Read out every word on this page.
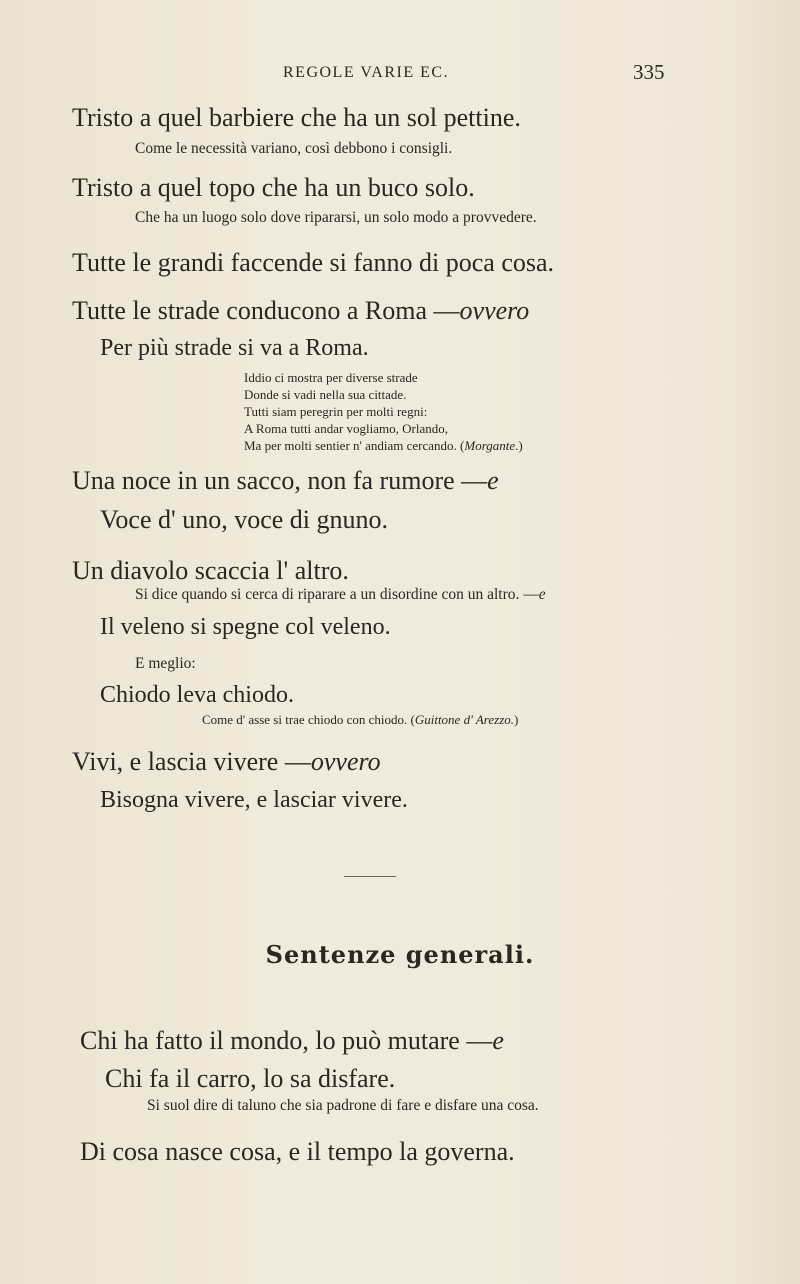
REGOLE VARIE EC.	335
Tristo a quel barbiere che ha un sol pettine.
Come le necessità variano, così debbono i consigli.
Tristo a quel topo che ha un buco solo.
Che ha un luogo solo dove ripararsi, un solo modo a provvedere.
Tutte le grandi faccende si fanno di poca cosa.
Tutte le strade conducono a Roma —ovvero
Per più strade si va a Roma.
Iddio ci mostra per diverse strade
Donde si vadi nella sua cittade.
Tutti siam peregrin per molti regni:
A Roma tutti andar vogliamo, Orlando,
Ma per molti sentier n' andiam cercando. (Morgante.)
Una noce in un sacco, non fa rumore —e
Voce d' uno, voce di gnuno.
Un diavolo scaccia l' altro.
Si dice quando si cerca di riparare a un disordine con un altro. —e
Il veleno si spegne col veleno.
E meglio:
Chiodo leva chiodo.
Come d' asse si trae chiodo con chiodo. (Guittone d' Arezzo.)
Vivi, e lascia vivere —ovvero
Bisogna vivere, e lasciar vivere.
Sentenze generali.
Chi ha fatto il mondo, lo può mutare —e
Chi fa il carro, lo sa disfare.
Si suol dire di taluno che sia padrone di fare e disfare una cosa.
Di cosa nasce cosa, e il tempo la governa.
